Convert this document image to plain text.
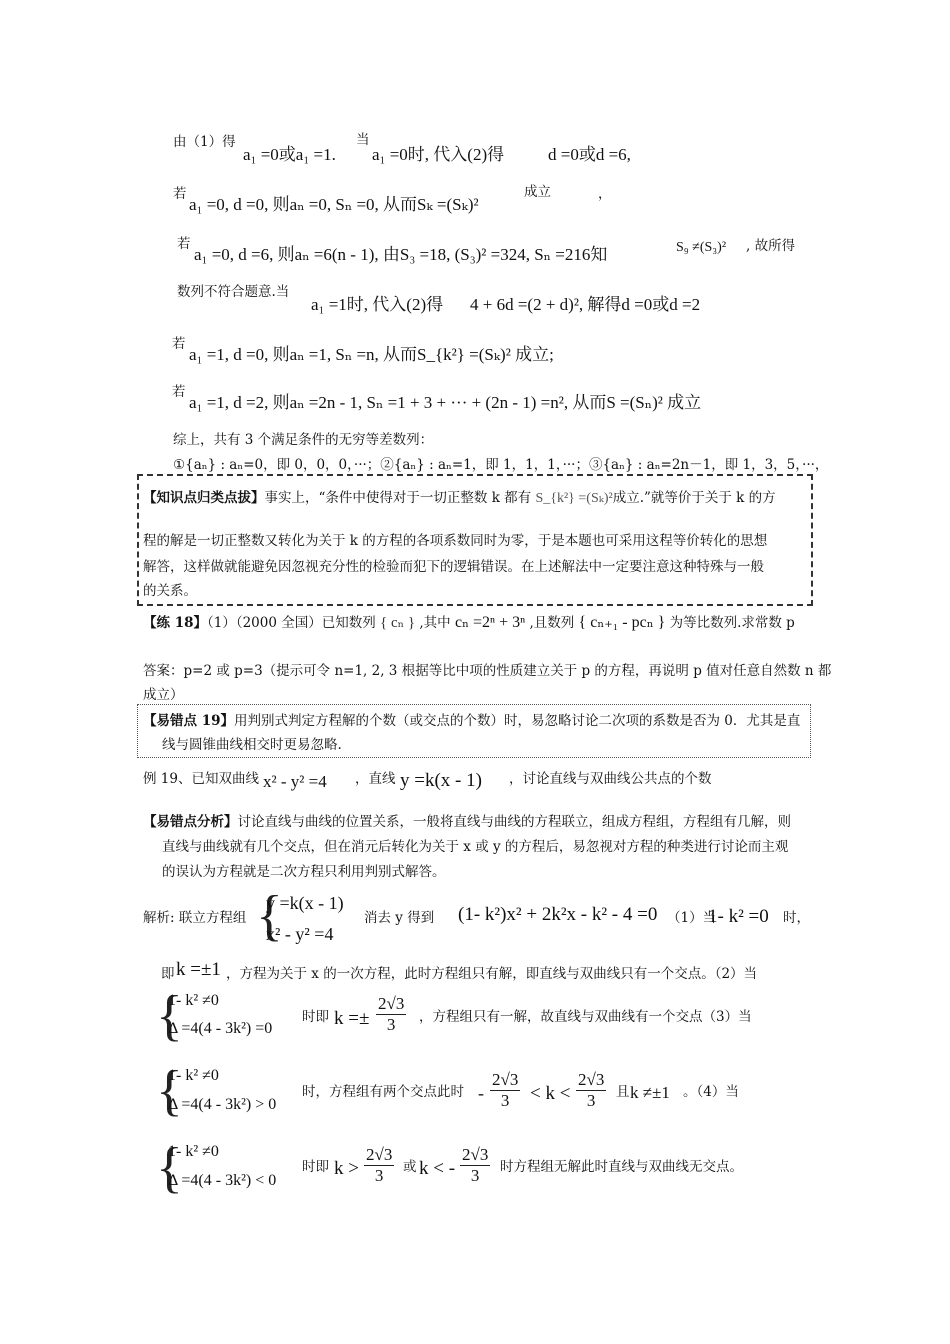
由（1）得
a₁ =0或a₁ =1.
当
a₁ =0时, 代入(2)得	d =0或d =6,
若
a₁ =0, d =0, 则aₙ =0, Sₙ =0, 从而Sₖ =(Sₖ)²
成立	，
若
a₁ =0, d =6, 则aₙ =6(n - 1), 由S₃ =18, (S₃)² =324, Sₙ =216知	S₉ ≠(S₃)² , 故所得
数列不符合题意.当
a₁ =1时, 代入(2)得 4 + 6d =(2 + d)², 解得d =0或d =2
若
a₁ =1, d =0, 则aₙ =1, Sₙ =n, 从而S_{k²} =(Sₖ)² 成立;
若
a₁ =1, d =2, 则aₙ =2n - 1, Sₙ =1 + 3 + ··· + (2n - 1) =n², 从而S =(Sₙ)² 成立
综上，共有 3 个满足条件的无穷等差数列：
①{aₙ} : aₙ=0，即 0，0，0，···；②{aₙ} : aₙ=1，即 1，1，1，···；③{aₙ} : aₙ=2n－1，即 1，3，5，···，
【知识点归类点拔】事实上，“条件中使得对于一切正整数 k 都有 S_{k²} =(Sₖ)²成立.”就等价于关于 k 的方
程的解是一切正整数又转化为关于 k 的方程的各项系数同时为零，于是本题也可采用这程等价转化的思想
解答，这样做就能避免因忽视充分性的检验而犯下的逻辑错误。在上述解法中一定要注意这种特殊与一般
的关系。
【练 18】（1）（2000 全国）已知数列 { cₙ } ,其中 cₙ =2ⁿ + 3ⁿ ,且数列 { cₙ₊₁ - pcₙ } 为等比数列.求常数 p
答案：p=2 或 p=3（提示可令 n=1, 2, 3 根据等比中项的性质建立关于 p 的方程，再说明 p 值对任意自然数 n 都
成立）
【易错点 19】用判别式判定方程解的个数（或交点的个数）时，易忽略讨论二次项的系数是否为 0．尤其是直
线与圆锥曲线相交时更易忽略.
例 19、已知双曲线 x² - y² =4 ，直线 y =k(x - 1) ，讨论直线与双曲线公共点的个数
【易错点分析】讨论直线与曲线的位置关系，一般将直线与曲线的方程联立，组成方程组，方程组有几解，则
直线与曲线就有几个交点，但在消元后转化为关于 x 或 y 的方程后，易忽视对方程的种类进行讨论而主观
的误认为方程就是二次方程只利用判别式解答。
解析: 联立方程组 {
y =k(x - 1)
x² - y² =4
消去 y 得到 (1- k²)x² + 2k²x - k² - 4 =0 （1）当
1- k² =0 时，
即 k =±1 ，方程为关于 x 的一次方程，此时方程组只有解，即直线与双曲线只有一个交点。（2）当
{
1- k² ≠0
Δ =4(4 - 3k²) =0
时即 $k =\pm \frac{2√3}{3}$ ，方程组只有一解，故直线与双曲线有一个交点（3）当
{
1- k² ≠0
Δ =4(4 - 3k²) > 0
时，方程组有两个交点此时 - $\frac{2√3}{3} < k < \frac{2√3}{3}$ 且 k ≠±1 。（4）当
{
1- k² ≠0
Δ =4(4 - 3k²) < 0
时即 $k > \frac{2√3}{3}$ 或 k < - $\frac{2√3}{3}$ 时方程组无解此时直线与双曲线无交点。
